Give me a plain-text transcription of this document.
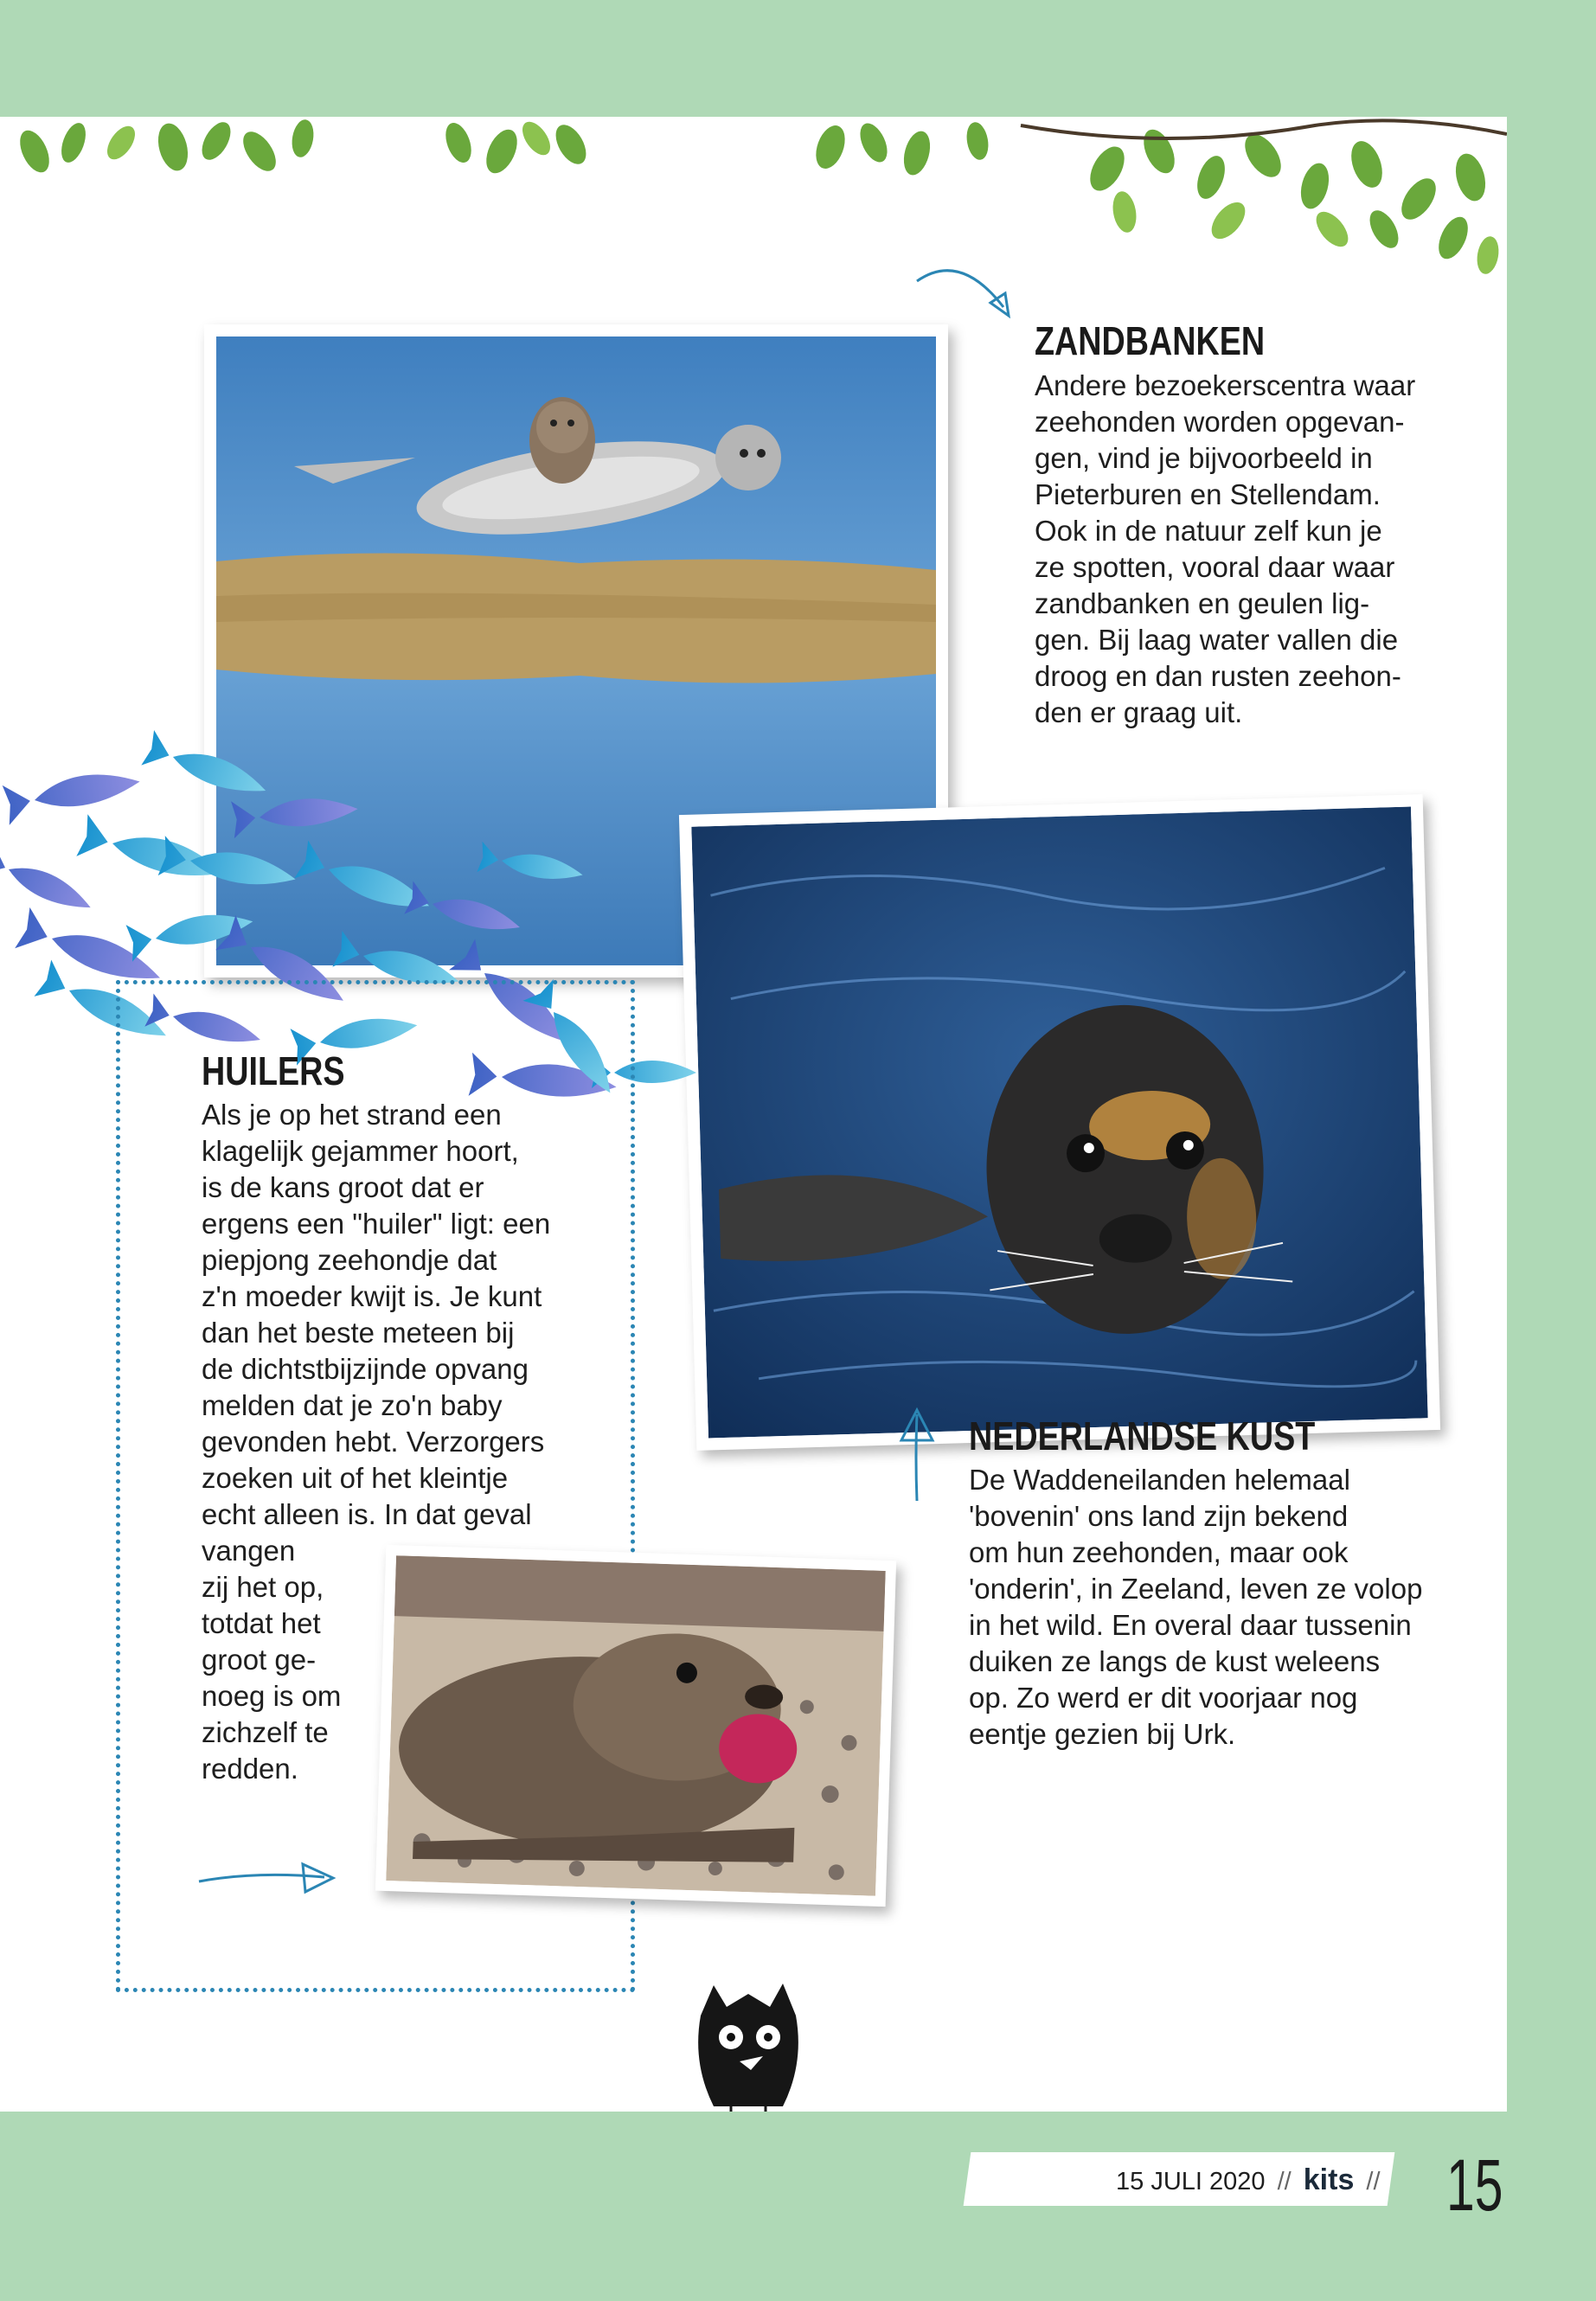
ZANDBANKEN

Andere bezoekerscentra waar
zeehonden worden opgevan-
gen, vind je bijvoorbeeld in
Pieterburen en Stellendam.
Ook in de natuur zelf kun je
ze spotten, vooral daar waar
zandbanken en geulen lig-
gen. Bij laag water vallen die
droog en dan rusten zeehon-
den er graag uit.

HUILERS

Als je op het strand een
klagelijk gejammer hoort,
is de kans groot dat er
ergens een "huiler" ligt: een
piepjong zeehondje dat
z'n moeder kwijt is. Je kunt
dan het beste meteen bij
de dichtstbijzijnde opvang
melden dat je zo'n baby
gevonden hebt. Verzorgers
zoeken uit of het kleintje
echt alleen is. In dat geval
vangen
zij het op,
totdat het
groot ge-
noeg is om
zichzelf te
redden.

NEDERLANDSE KUST

De Waddeneilanden helemaal
'bovenin' ons land zijn bekend
om hun zeehonden, maar ook
'onderin', in Zeeland, leven ze volop
in het wild. En overal daar tussenin
duiken ze langs de kust weleens
op. Zo werd er dit voorjaar nog
eentje gezien bij Urk.

15 JULI 2020 // kits // 15
